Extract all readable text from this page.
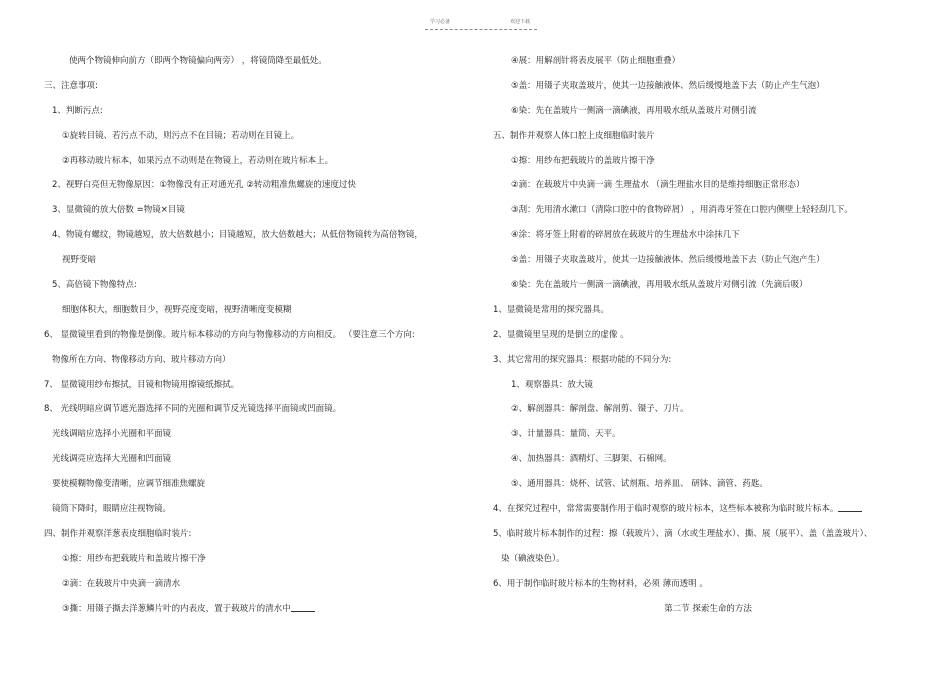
学习必备	欢迎下载
使两个物镜伸向前方（即两个物镜偏向两旁） ，将镜筒降至最低处。
三、注意事项:
1、判断污点:
①旋转目镜、若污点不动，则污点不在目镜；若动则在目镜上。
②再移动玻片标本，如果污点不动则是在物镜上，若动则在玻片标本上。
2、视野白亮但无物像原因：①物像没有正对通光孔 ②转动粗准焦螺旋的速度过快
3、显微镜的放大倍数 =物镜×目镜
4、物镜有螺纹，物镜越短，放大倍数越小；目镜越短，放大倍数越大；从低倍物镜转为高倍物镜，
视野变暗
5、高倍镜下物像特点:
细胞体积大，细胞数目少，视野亮度变暗，视野清晰度变模糊
6、 显微镜里看到的物像是倒像。玻片标本移动的方向与物像移动的方向相反。 （要注意三个方向:
物像所在方向、物像移动方向、玻片移动方向）
7、 显微镜用纱布擦拭，目镜和物镜用擦镜纸擦拭。
8、 光线明暗应调节遮光器选择不同的光圈和调节反光镜选择平面镜或凹面镜。
光线调暗应选择小光圈和平面镜
光线调亮应选择大光圈和凹面镜
要使模糊物像变清晰，应调节细准焦螺旋
镜筒下降时，眼睛应注视物镜。
四、制作并观察洋葱表皮细胞临时装片:
①擦：用纱布把载玻片和盖玻片擦干净
②滴：在载玻片中央滴一滴清水
③撕：用镊子撕去洋葱鳞片叶的内表皮，置于载玻片的清水中
④展：用解剖针将表皮展平（防止细胞重叠）
⑤盖：用镊子夹取盖玻片，使其一边接触液体、然后缓慢地盖下去（防止产生气泡）
⑥染：先在盖玻片一侧滴一滴碘液，再用吸水纸从盖玻片对侧引流
五、制作并观察人体口腔上皮细胞临时装片
①擦：用纱布把载玻片的盖玻片擦干净
②滴：在载玻片中央滴一滴 生理盐水 （滴生理盐水目的是维持细胞正常形态）
③刮：先用清水漱口（清除口腔中的食物碎屑） ，用消毒牙签在口腔内侧壁上轻轻刮几下。
④涂：将牙签上附着的碎屑放在载玻片的生理盐水中涂抹几下
⑤盖：用镊子夹取盖玻片，使其一边接触液体、然后缓慢地盖下去（防止气泡产生）
⑥染：先在盖玻片一侧滴一滴碘液，再用吸水纸从盖玻片对侧引流（先滴后吸）
1、显微镜是常用的探究器具。
2、显微镜里呈现的是倒立的虚像 。
3、其它常用的探究器具：根据功能的不同分为:
1、观察器具：放大镜
②、解剖器具：解剖盘、解剖剪、镊子、刀片。
③、计量器具：量筒、天平。
④、加热器具：酒精灯、三脚架、石棉网。
⑤、通用器具：烧杯、试管、试剂瓶、培养皿、 研钵、滴管、药匙。
4、在探究过程中，常常需要制作用于临时观察的玻片标本，这些标本被称为临时玻片标本。
5、临时玻片标本制作的过程：擦（载玻片）、滴（水或生理盐水）、撕、展（展平）、盖（盖盖玻片）、
染（碘液染色）。
6、用于制作临时玻片标本的生物材料，必须 薄而透明 。
第二节 探索生命的方法
